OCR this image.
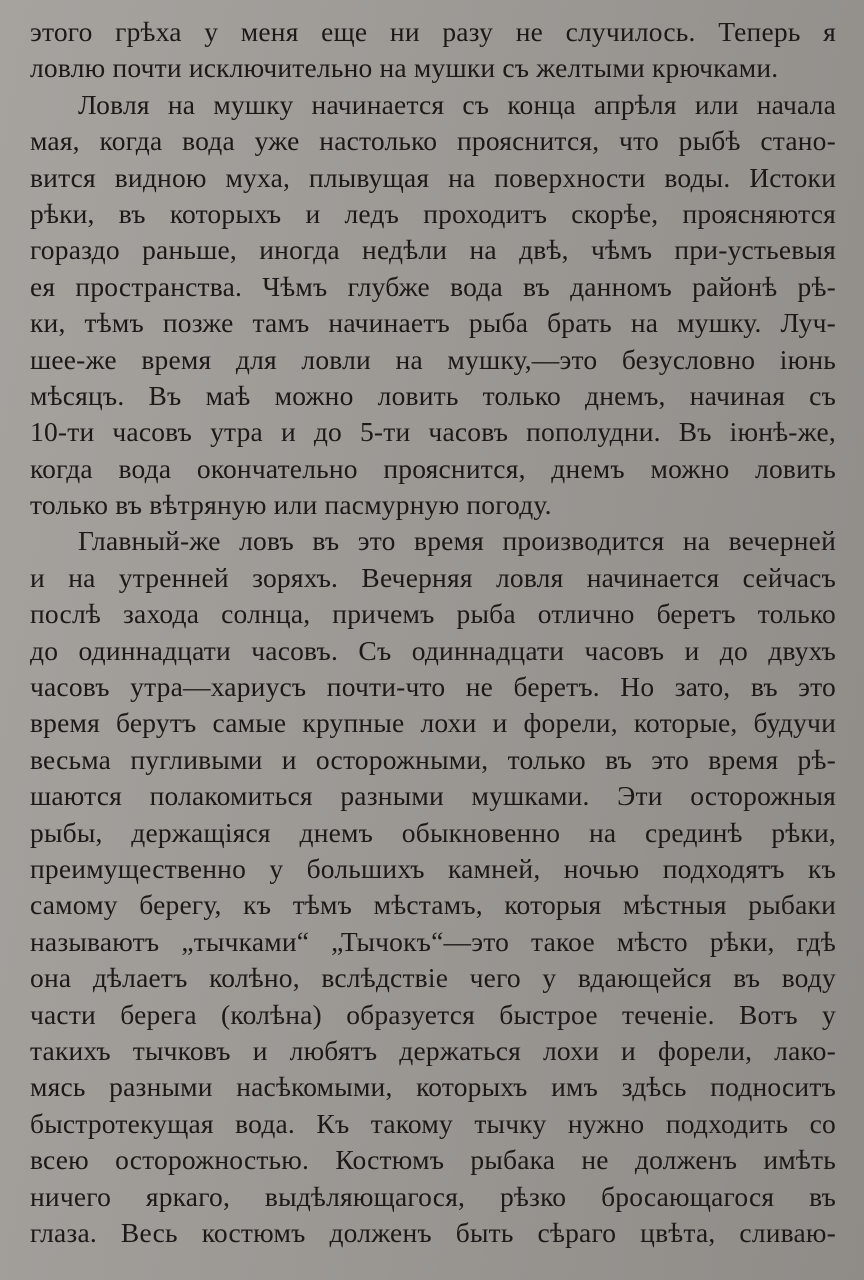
этого грѣха у меня еще ни разу не случилось. Теперь я
ловлю почти исключительно на мушки съ желтыми крючками.

Ловля на мушку начинается съ конца апрѣля или начала
мая, когда вода уже настолько прояснится, что рыбѣ стано-
вится видною муха, плывущая на поверхности воды. Истоки
рѣки, въ которыхъ и ледъ проходитъ скорѣе, проясняются
гораздо раньше, иногда недѣли на двѣ, чѣмъ при-устьевыя
ея пространства. Чѣмъ глубже вода въ данномъ районѣ рѣ-
ки, тѣмъ позже тамъ начинаетъ рыба брать на мушку. Луч-
шее-же время для ловли на мушку,—это безусловно іюнь
мѣсяцъ. Въ маѣ можно ловить только днемъ, начиная съ
10-ти часовъ утра и до 5-ти часовъ пополудни. Въ іюнѣ-же,
когда вода окончательно прояснится, днемъ можно ловить
только въ вѣтряную или пасмурную погоду.

Главный-же ловъ въ это время производится на вечерней
и на утренней зоряхъ. Вечерняя ловля начинается сейчасъ
послѣ захода солнца, причемъ рыба отлично беретъ только
до одиннадцати часовъ. Съ одиннадцати часовъ и до двухъ
часовъ утра—хариусъ почти-что не беретъ. Но зато, въ это
время берутъ самые крупные лохи и форели, которые, будучи
весьма пугливыми и осторожными, только въ это время рѣ-
шаются полакомиться разными мушками. Эти осторожныя
рыбы, держащіяся днемъ обыкновенно на срединѣ рѣки,
преимущественно у большихъ камней, ночью подходятъ къ
самому берегу, къ тѣмъ мѣстамъ, которыя мѣстныя рыбаки
называютъ „тычками“ „Тычокъ“—это такое мѣсто рѣки, гдѣ
она дѣлаетъ колѣно, вслѣдствіе чего у вдающейся въ воду
части берега (колѣна) образуется быстрое теченіе. Вотъ у
такихъ тычковъ и любятъ держаться лохи и форели, лако-
мясь разными насѣкомыми, которыхъ имъ здѣсь подноситъ
быстротекущая вода. Къ такому тычку нужно подходить со
всею осторожностью. Костюмъ рыбака не долженъ имѣть
ничего яркаго, выдѣляющагося, рѣзко бросающагося въ
глаза. Весь костюмъ долженъ быть сѣраго цвѣта, сливаю-
